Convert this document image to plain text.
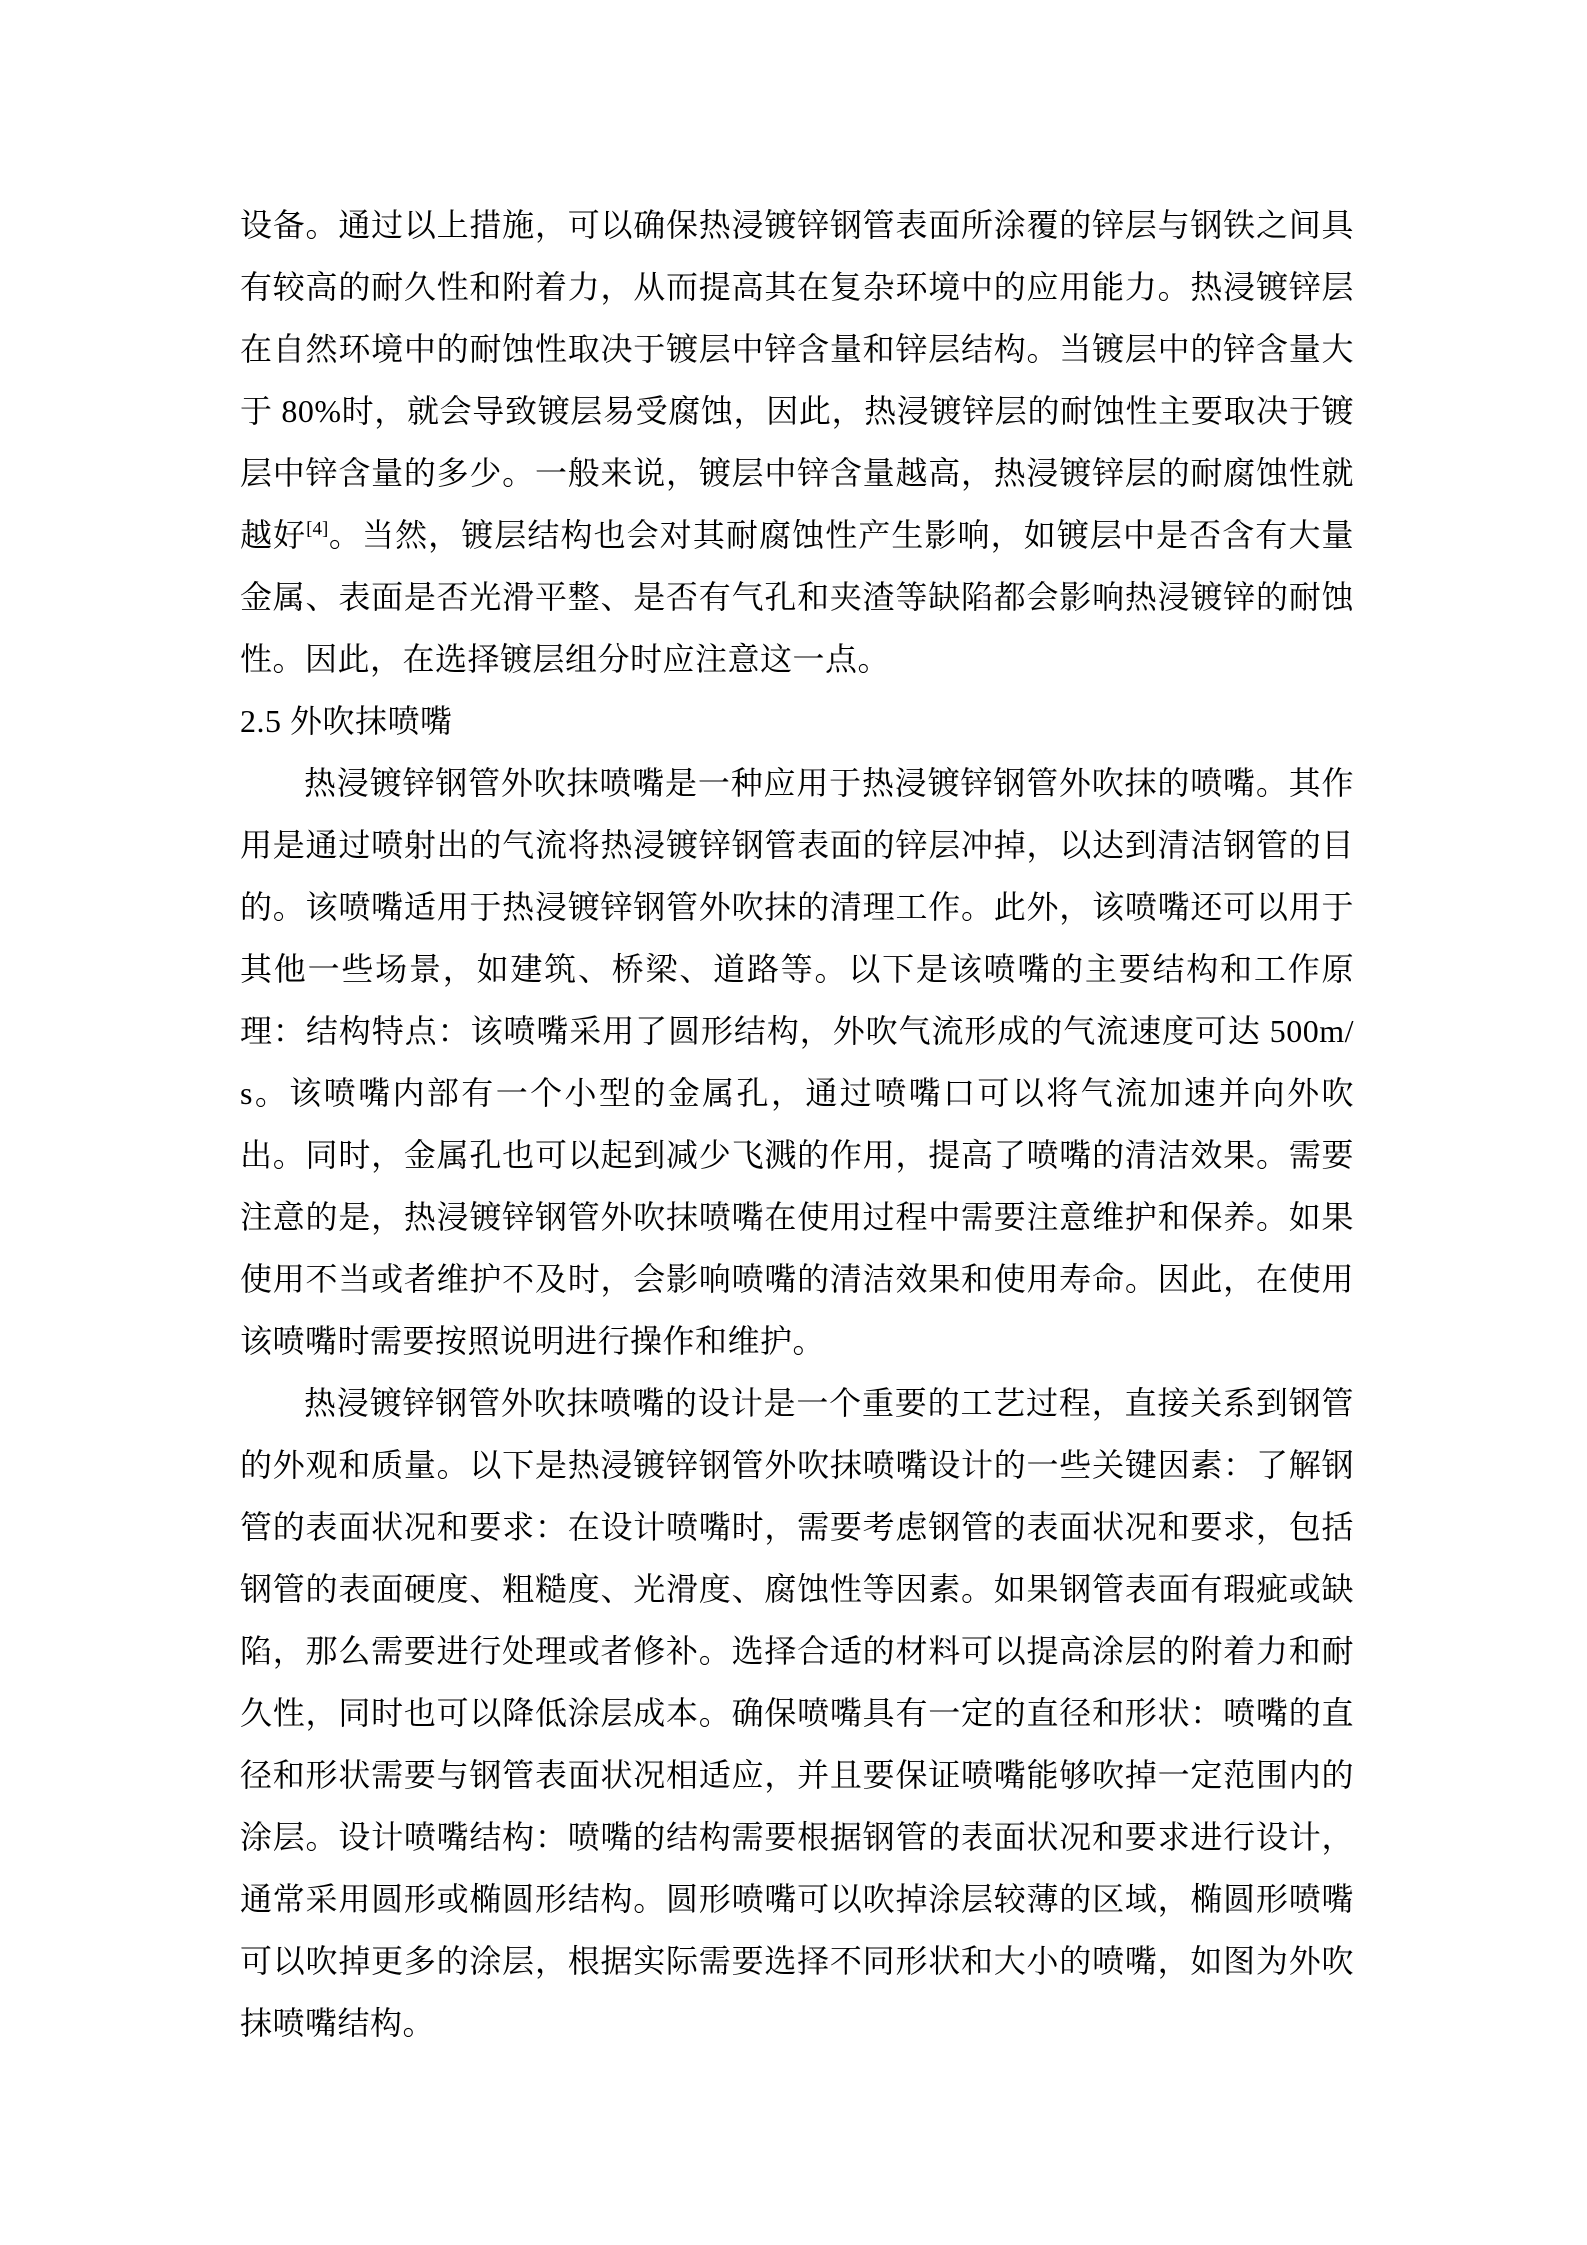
设备。通过以上措施，可以确保热浸镀锌钢管表面所涂覆的锌层与钢铁之间具有较高的耐久性和附着力，从而提高其在复杂环境中的应用能力。热浸镀锌层在自然环境中的耐蚀性取决于镀层中锌含量和锌层结构。当镀层中的锌含量大于 80%时，就会导致镀层易受腐蚀，因此，热浸镀锌层的耐蚀性主要取决于镀层中锌含量的多少。一般来说，镀层中锌含量越高，热浸镀锌层的耐腐蚀性就越好[4]。当然，镀层结构也会对其耐腐蚀性产生影响，如镀层中是否含有大量金属、表面是否光滑平整、是否有气孔和夹渣等缺陷都会影响热浸镀锌的耐蚀性。因此，在选择镀层组分时应注意这一点。

2.5 外吹抹喷嘴

热浸镀锌钢管外吹抹喷嘴是一种应用于热浸镀锌钢管外吹抹的喷嘴。其作用是通过喷射出的气流将热浸镀锌钢管表面的锌层冲掉，以达到清洁钢管的目的。该喷嘴适用于热浸镀锌钢管外吹抹的清理工作。此外，该喷嘴还可以用于其他一些场景，如建筑、桥梁、道路等。以下是该喷嘴的主要结构和工作原理：结构特点：该喷嘴采用了圆形结构，外吹气流形成的气流速度可达 500m/s。该喷嘴内部有一个小型的金属孔，通过喷嘴口可以将气流加速并向外吹出。同时，金属孔也可以起到减少飞溅的作用，提高了喷嘴的清洁效果。需要注意的是，热浸镀锌钢管外吹抹喷嘴在使用过程中需要注意维护和保养。如果使用不当或者维护不及时，会影响喷嘴的清洁效果和使用寿命。因此，在使用该喷嘴时需要按照说明进行操作和维护。

热浸镀锌钢管外吹抹喷嘴的设计是一个重要的工艺过程，直接关系到钢管的外观和质量。以下是热浸镀锌钢管外吹抹喷嘴设计的一些关键因素：了解钢管的表面状况和要求：在设计喷嘴时，需要考虑钢管的表面状况和要求，包括钢管的表面硬度、粗糙度、光滑度、腐蚀性等因素。如果钢管表面有瑕疵或缺陷，那么需要进行处理或者修补。选择合适的材料可以提高涂层的附着力和耐久性，同时也可以降低涂层成本。确保喷嘴具有一定的直径和形状：喷嘴的直径和形状需要与钢管表面状况相适应，并且要保证喷嘴能够吹掉一定范围内的涂层。设计喷嘴结构：喷嘴的结构需要根据钢管的表面状况和要求进行设计，通常采用圆形或椭圆形结构。圆形喷嘴可以吹掉涂层较薄的区域，椭圆形喷嘴可以吹掉更多的涂层，根据实际需要选择不同形状和大小的喷嘴，如图为外吹抹喷嘴结构。
